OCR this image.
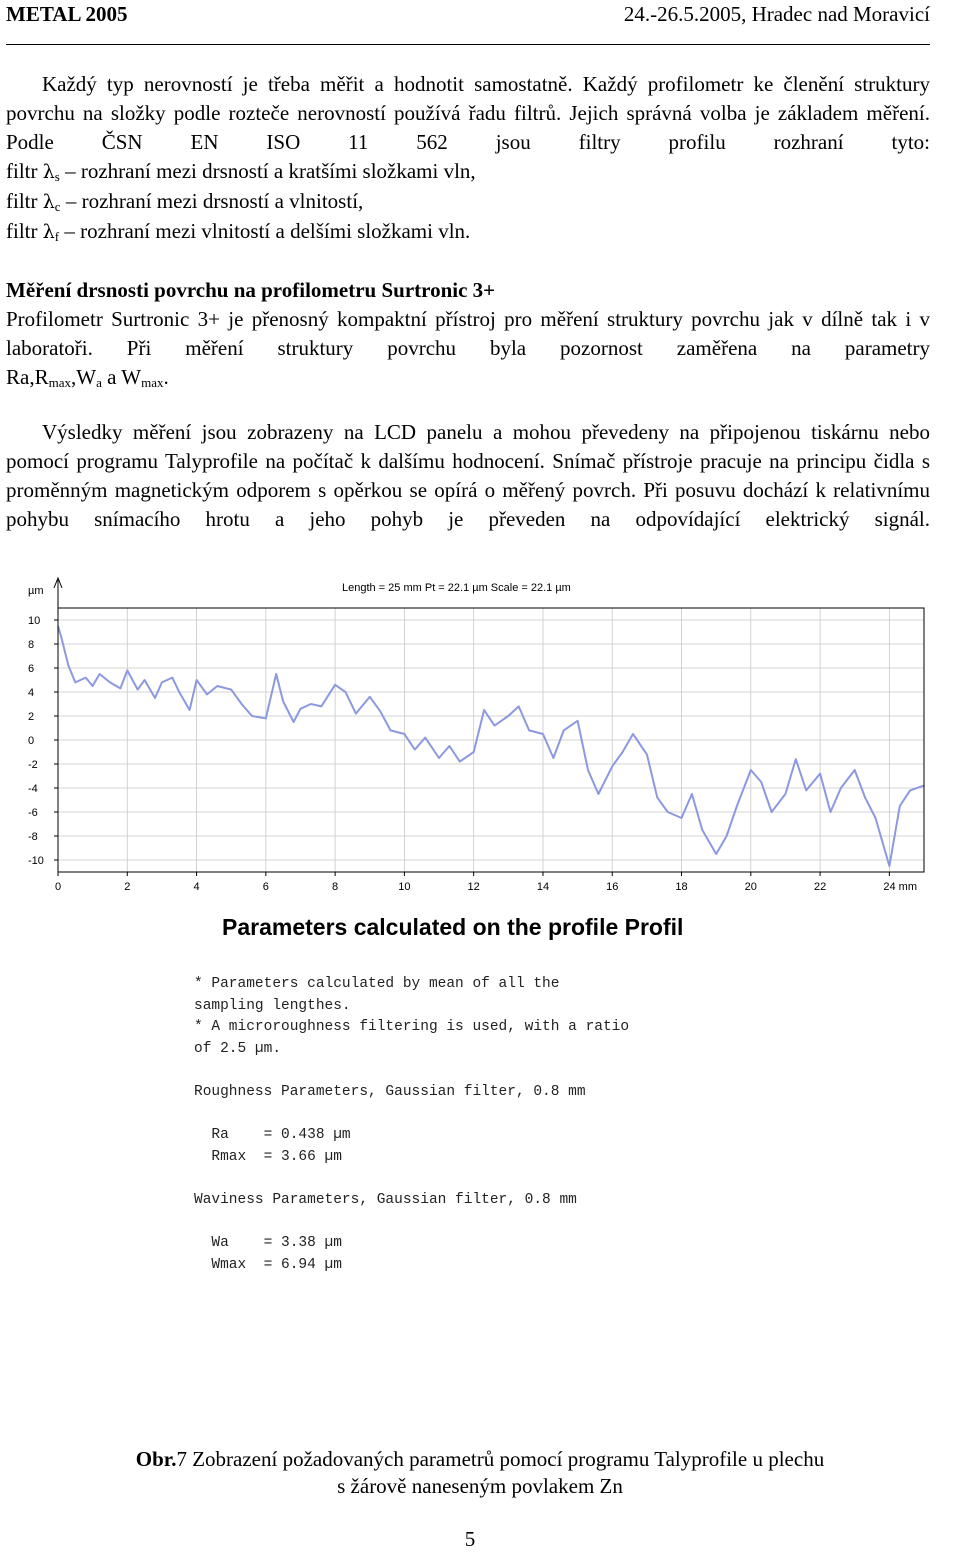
METAL 2005	24.-26.5.2005, Hradec nad Moravicí
Každý typ nerovností je třeba měřit a hodnotit samostatně. Každý profilometr ke členění struktury povrchu na složky podle rozteče nerovností používá řadu filtrů. Jejich správná volba je základem měření. Podle ČSN EN ISO 11 562 jsou filtry profilu rozhraní tyto:
filtr $\lambda_s$ – rozhraní mezi drsností a kratšími složkami vln,
filtr $\lambda_c$ – rozhraní mezi drsností a vlnitostí,
filtr $\lambda_f$ – rozhraní mezi vlnitostí a delšími složkami vln.
Měření drsnosti povrchu na profilometru Surtronic 3+
Profilometr Surtronic 3+ je přenosný kompaktní přístroj pro měření struktury povrchu jak v dílně tak i v laboratoři. Při měření struktury povrchu byla pozornost zaměřena na parametry
$Ra,R_{max},W_a$ a $W_{max}$.
Výsledky měření jsou zobrazeny na LCD panelu a mohou převedeny na připojenou tiskárnu nebo pomocí programu Talyprofile na počítač k dalšímu hodnocení. Snímač přístroje pracuje na principu čidla s proměnným magnetickým odporem s opěrkou se opírá o měřený povrch. Při posuvu dochází k relativnímu pohybu snímacího hrotu a jeho pohyb je převeden na odpovídající elektrický signál.
µm	Length = 25 mm Pt = 22.1 µm Scale = 22.1 µm
10
8
6
4
2
0
-2
-4
-6
-8
-10
0	2	4	6	8	10	12	14	16	18	20	22	24 mm
Parameters calculated on the profile Profil
* Parameters calculated by mean of all the
sampling lengthes.
* A microroughness filtering is used, with a ratio
of 2.5 µm.
Roughness Parameters, Gaussian filter, 0.8 mm
Ra    = 0.438 µm
Rmax  = 3.66 µm
Waviness Parameters, Gaussian filter, 0.8 mm
Wa    = 3.38 µm
Wmax  = 6.94 µm
Obr.7 Zobrazení požadovaných parametrů pomocí programu Talyprofile u plechu
s žárově naneseným povlakem Zn
5
